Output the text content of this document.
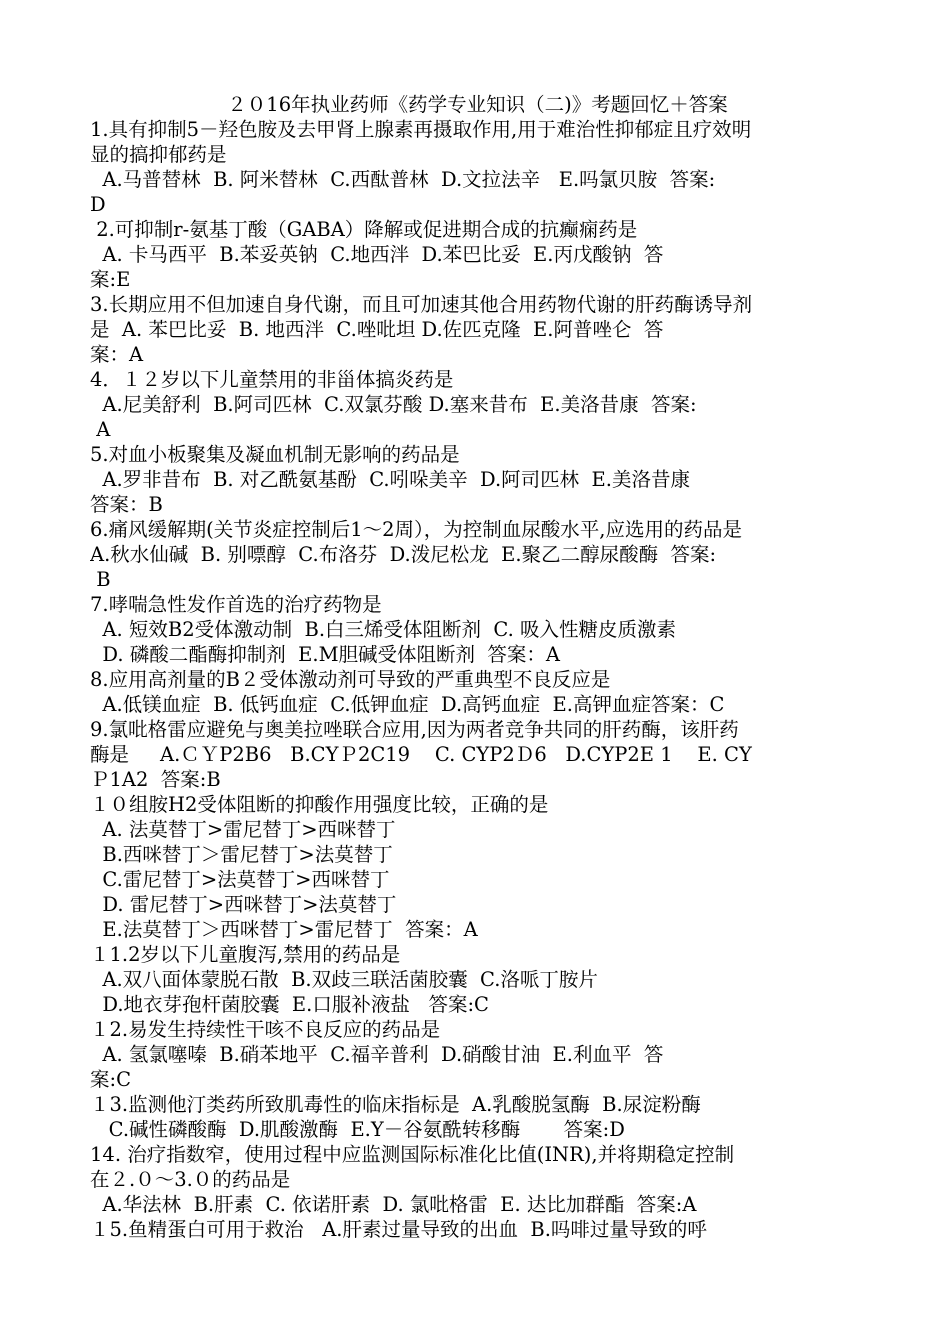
２０16年执业药师《药学专业知识（二)》考题回忆＋答案
1.具有抑制5－羟色胺及去甲肾上腺素再摄取作用,用于难治性抑郁症且疗效明
显的搞抑郁药是
A.马普替林  B. 阿米替林  C.西酞普林  D.文拉法辛   E.吗氯贝胺  答案:
D
2.可抑制r-氨基丁酸（GABA）降解或促进期合成的抗癫痫药是
A. 卡马西平  B.苯妥英钠  C.地西泮  D.苯巴比妥  E.丙戊酸钠  答
案:E
3.长期应用不但加速自身代谢，而且可加速其他合用药物代谢的肝药酶诱导剂
是  A. 苯巴比妥  B. 地西泮  C.唑吡坦 D.佐匹克隆  E.阿普唑仑  答
案：A
4．１２岁以下儿童禁用的非甾体搞炎药是
A.尼美舒利  B.阿司匹林  C.双氯芬酸 D.塞来昔布  E.美洛昔康  答案:
A
5.对血小板聚集及凝血机制无影响的药品是
A.罗非昔布  B. 对乙酰氨基酚  C.吲哚美辛  D.阿司匹林  E.美洛昔康
答案：B
6.痛风缓解期(关节炎症控制后1～2周），为控制血尿酸水平,应选用的药品是
A.秋水仙碱  B. 别嘌醇  C.布洛芬  D.泼尼松龙  E.聚乙二醇尿酸酶  答案:
B
7.哮喘急性发作首选的治疗药物是
A. 短效B2受体激动制  B.白三烯受体阻断剂  C. 吸入性糖皮质激素
D. 磷酸二酯酶抑制剂  E.M胆碱受体阻断剂  答案：A
8.应用高剂量的B２受体激动剂可导致的严重典型不良反应是
A.低镁血症  B. 低钙血症  C.低钾血症  D.高钙血症  E.高钾血症答案：C
9.氯吡格雷应避免与奥美拉唑联合应用,因为两者竞争共同的肝药酶，该肝药
酶是     A.ＣＹP2B6   B.CYＰ2C19    C. CYP2Ｄ6   D.CYP2E 1    E. CY
Ｐ1A2  答案:B
１０组胺H2受体阻断的抑酸作用强度比较，正确的是
A. 法莫替丁>雷尼替丁>西咪替丁
B.西咪替丁＞雷尼替丁>法莫替丁
C.雷尼替丁>法莫替丁>西咪替丁
D. 雷尼替丁>西咪替丁>法莫替丁
E.法莫替丁＞西咪替丁>雷尼替丁  答案：A
１1.2岁以下儿童腹泻,禁用的药品是
A.双八面体蒙脱石散  B.双歧三联活菌胶囊  C.洛哌丁胺片
D.地衣芽孢杆菌胶囊  E.口服补液盐   答案:C
１2.易发生持续性干咳不良反应的药品是
A. 氢氯噻嗪  B.硝苯地平  C.福辛普利  D.硝酸甘油  E.利血平  答
案:C
１3.监测他汀类药所致肌毒性的临床指标是  A.乳酸脱氢酶  B.尿淀粉酶
C.碱性磷酸酶  D.肌酸激酶  E.Y－谷氨酰转移酶       答案:D
14. 治疗指数窄，使用过程中应监测国际标准化比值(INR),并将期稳定控制
在２.０～3.０的药品是
A.华法林  B.肝素  C. 依诺肝素  D. 氯吡格雷  E. 达比加群酯  答案:A
１5.鱼精蛋白可用于救治   A.肝素过量导致的出血  B.吗啡过量导致的呼
